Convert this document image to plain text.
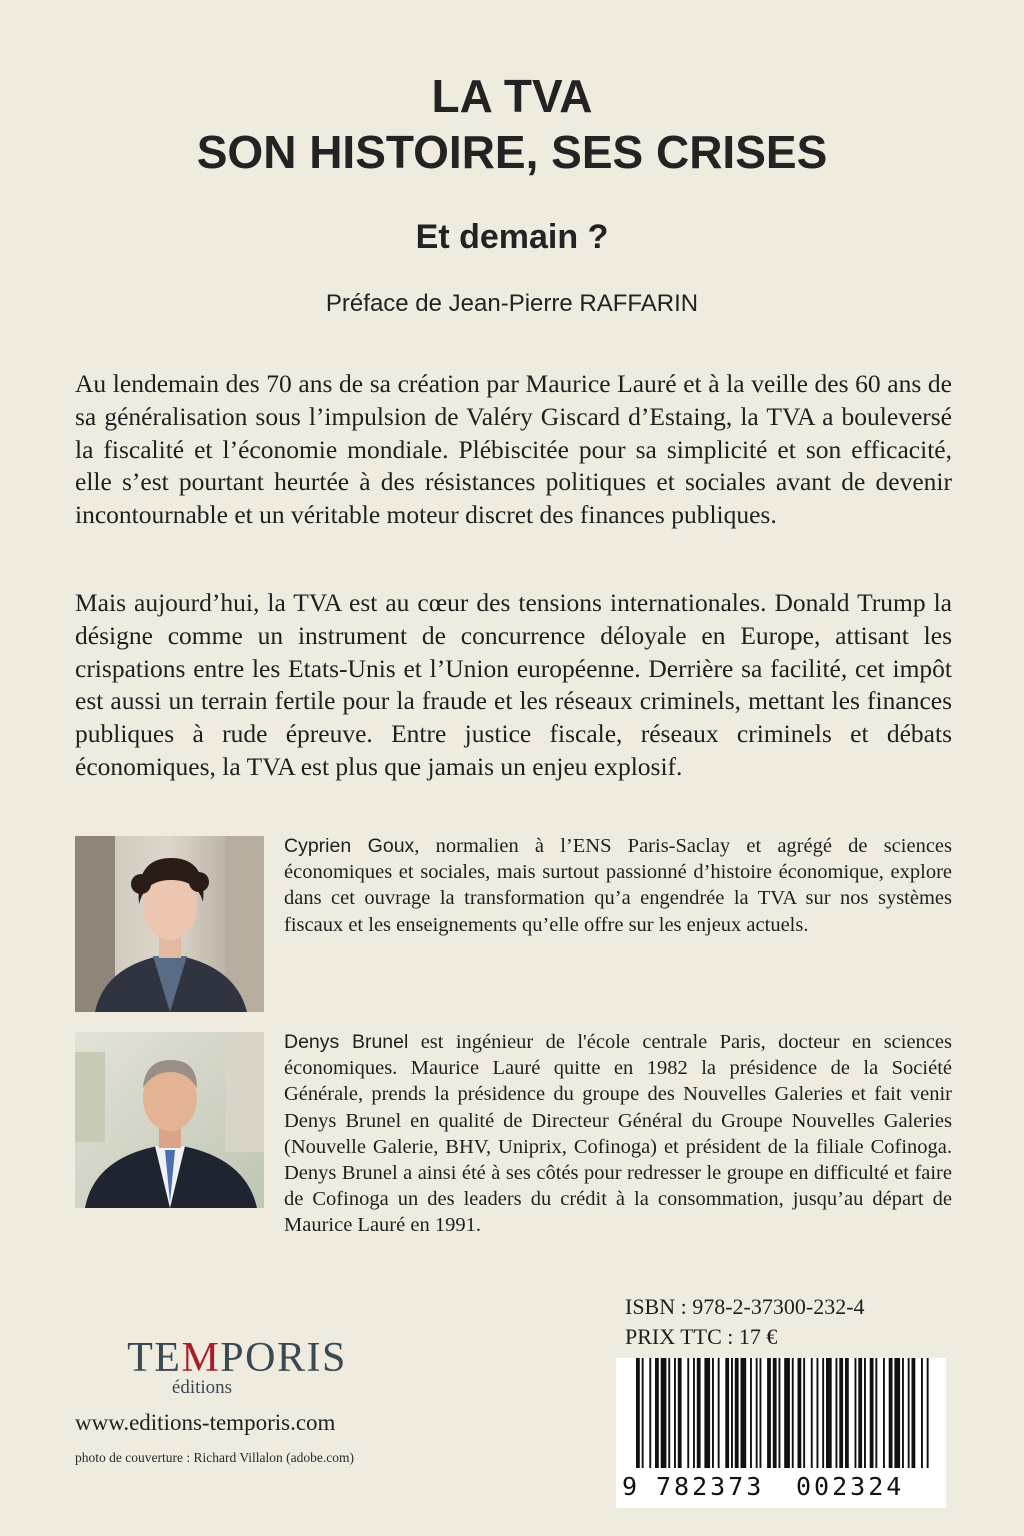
LA TVA
SON HISTOIRE, SES CRISES
Et demain ?

Préface de Jean-Pierre RAFFARIN

Au lendemain des 70 ans de sa création par Maurice Lauré et à la veille des 60 ans de sa généralisation sous l’impulsion de Valéry Giscard d’Estaing, la TVA a bouleversé la fiscalité et l’économie mondiale. Plébiscitée pour sa simplicité et son efficacité, elle s’est pourtant heurtée à des résistances politiques et sociales avant de devenir incontournable et un véritable moteur discret des finances publiques.

Mais aujourd’hui, la TVA est au cœur des tensions internationales. Donald Trump la désigne comme un instrument de concurrence déloyale en Europe, attisant les crispations entre les Etats-Unis et l’Union européenne. Derrière sa facilité, cet impôt est aussi un terrain fertile pour la fraude et les réseaux criminels, mettant les finances publiques à rude épreuve. Entre justice fiscale, réseaux criminels et débats économiques, la TVA est plus que jamais un enjeu explosif.

Cyprien Goux, normalien à l’ENS Paris-Saclay et agrégé de sciences économiques et sociales, mais surtout passionné d’histoire économique, explore dans cet ouvrage la transformation qu’a engendrée la TVA sur nos systèmes fiscaux et les enseignements qu’elle offre sur les enjeux actuels.

Denys Brunel est ingénieur de l'école centrale Paris, docteur en sciences économiques. Maurice Lauré quitte en 1982 la présidence de la Société Générale, prends la présidence du groupe des Nouvelles Galeries et fait venir Denys Brunel en qualité de Directeur Général du Groupe Nouvelles Galeries (Nouvelle Galerie, BHV, Uniprix, Cofinoga) et président de la filiale Cofinoga. Denys Brunel a ainsi été à ses côtés pour redresser le groupe en difficulté et faire de Cofinoga un des leaders du crédit à la consommation, jusqu’au départ de Maurice Lauré en 1991.

ISBN : 978-2-37300-232-4
PRIX TTC : 17 €

TEMPORIS
éditions
www.editions-temporis.com
photo de couverture : Richard Villalon (adobe.com)
9 782373 002324
